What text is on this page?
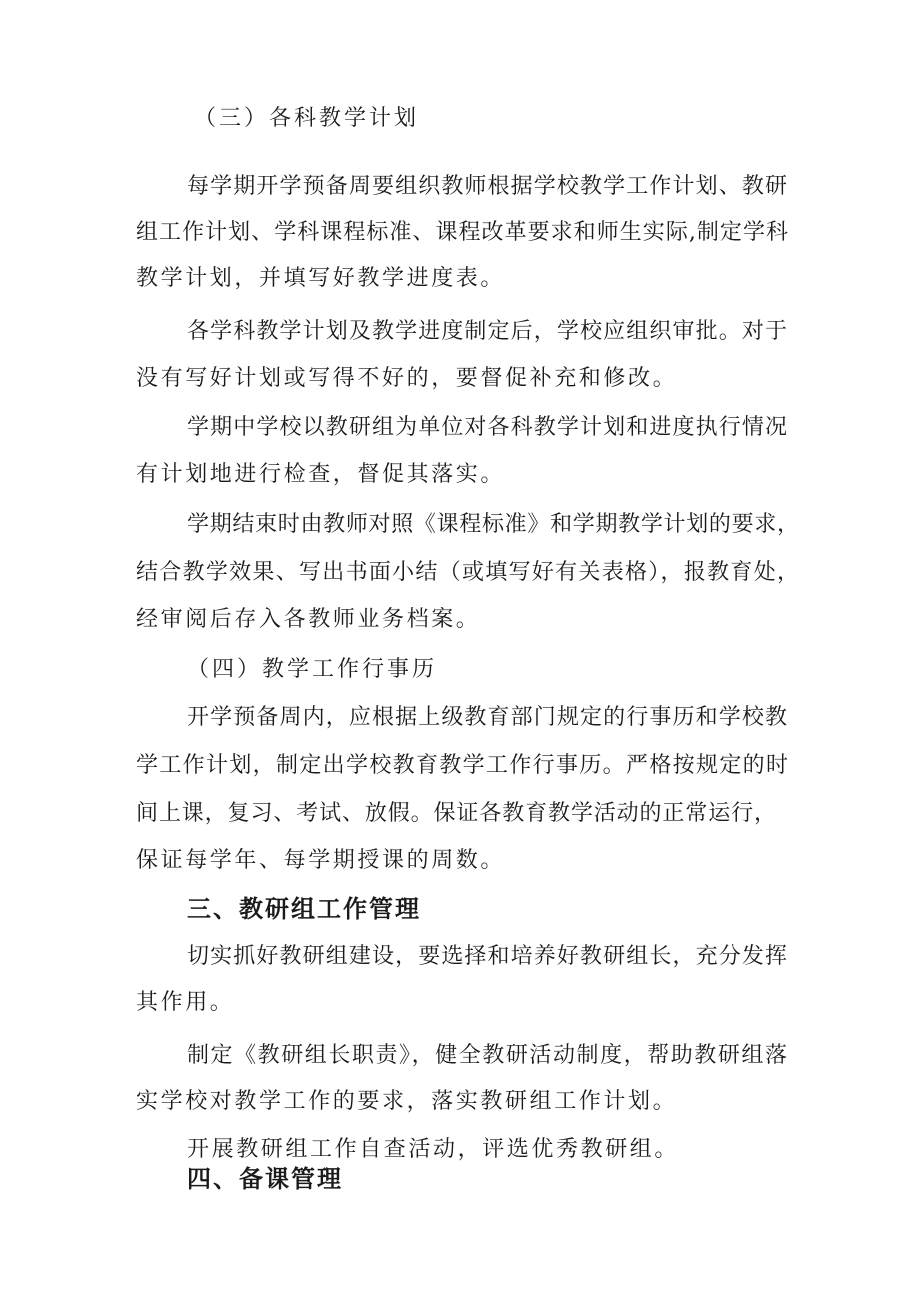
（三）各科教学计划
每学期开学预备周要组织教师根据学校教学工作计划、教研
组工作计划、学科课程标准、课程改革要求和师生实际,制定学科
教学计划，并填写好教学进度表。
各学科教学计划及教学进度制定后，学校应组织审批。对于
没有写好计划或写得不好的，要督促补充和修改。
学期中学校以教研组为单位对各科教学计划和进度执行情况
有计划地进行检查，督促其落实。
学期结束时由教师对照《课程标准》和学期教学计划的要求，
结合教学效果、写出书面小结（或填写好有关表格），报教育处，
经审阅后存入各教师业务档案。
（四）教学工作行事历
开学预备周内，应根据上级教育部门规定的行事历和学校教
学工作计划，制定出学校教育教学工作行事历。严格按规定的时
间上课，复习、考试、放假。保证各教育教学活动的正常运行，
保证每学年、每学期授课的周数。
三、教研组工作管理
切实抓好教研组建设，要选择和培养好教研组长，充分发挥
其作用。
制定《教研组长职责》，健全教研活动制度，帮助教研组落
实学校对教学工作的要求，落实教研组工作计划。
开展教研组工作自查活动，评选优秀教研组。
四、备课管理
